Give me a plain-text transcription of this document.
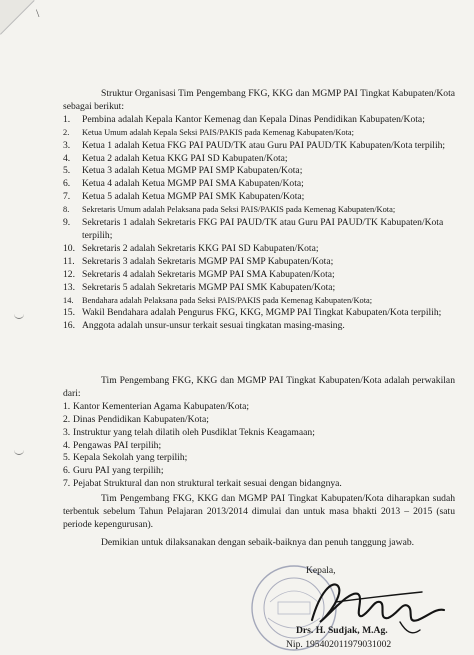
\

Struktur Organisasi Tim Pengembang FKG, KKG dan MGMP PAI Tingkat Kabupaten/Kota sebagai berikut:

1. Pembina adalah Kepala Kantor Kemenag dan Kepala Dinas Pendidikan Kabupaten/Kota;
2. Ketua Umum adalah Kepala Seksi PAIS/PAKIS pada Kemenag Kabupaten/Kota;
3. Ketua 1 adalah Ketua FKG PAI PAUD/TK atau Guru PAI PAUD/TK Kabupaten/Kota terpilih;
4. Ketua 2 adalah Ketua KKG PAI SD Kabupaten/Kota;
5. Ketua 3 adalah Ketua MGMP PAI SMP Kabupaten/Kota;
6. Ketua 4 adalah Ketua MGMP PAI SMA Kabupaten/Kota;
7. Ketua 5 adalah Ketua MGMP PAI SMK Kabupaten/Kota;
8. Sekretaris Umum adalah Pelaksana pada Seksi PAIS/PAKIS pada Kemenag Kabupaten/Kota;
9. Sekretaris 1 adalah Sekretaris FKG PAI PAUD/TK atau Guru PAI PAUD/TK Kabupaten/Kota terpilih;
10. Sekretaris 2 adalah Sekretaris KKG PAI SD Kabupaten/Kota;
11. Sekretaris 3 adalah Sekretaris MGMP PAI SMP Kabupaten/Kota;
12. Sekretaris 4 adalah Sekretaris MGMP PAI SMA Kabupaten/Kota;
13. Sekretaris 5 adalah Sekretaris MGMP PAI SMK Kabupaten/Kota;
14. Bendahara adalah Pelaksana pada Seksi PAIS/PAKIS pada Kemenag Kabupaten/Kota;
15. Wakil Bendahara adalah Pengurus FKG, KKG, MGMP PAI Tingkat Kabupaten/Kota terpilih;
16. Anggota adalah unsur-unsur terkait sesuai tingkatan masing-masing.

Tim Pengembang FKG, KKG dan MGMP PAI Tingkat Kabupaten/Kota adalah perwakilan dari:

1. Kantor Kementerian Agama Kabupaten/Kota;
2. Dinas Pendidikan Kabupaten/Kota;
3. Instruktur yang telah dilatih oleh Pusdiklat Teknis Keagamaan;
4. Pengawas PAI terpilih;
5. Kepala Sekolah yang terpilih;
6. Guru PAI yang terpilih;
7. Pejabat Struktural dan non struktural terkait sesuai dengan bidangnya.

Tim Pengembang FKG, KKG dan MGMP PAI Tingkat Kabupaten/Kota diharapkan sudah terbentuk sebelum Tahun Pelajaran 2013/2014 dimulai dan untuk masa bhakti 2013 – 2015 (satu periode kepengurusan).

Demikian untuk dilaksanakan dengan sebaik-baiknya dan penuh tanggung jawab.

Kepala,
Drs. H. Sudjak, M.Ag.
Nip. 195402011979031002
